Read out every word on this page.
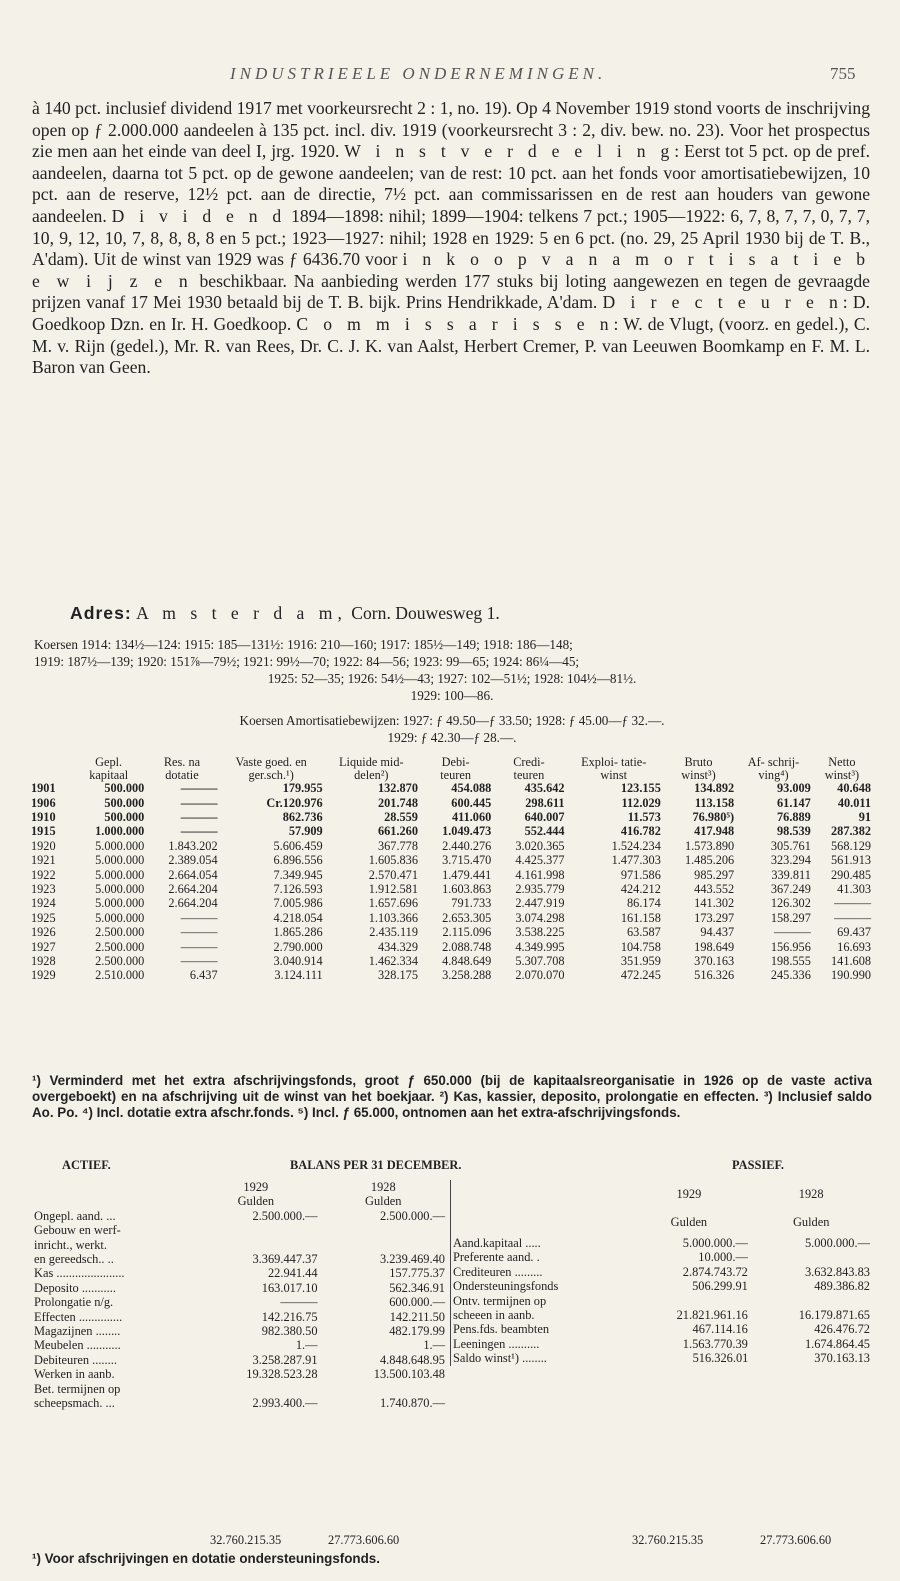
INDUSTRIEELE ONDERNEMINGEN.	755

à 140 pct. inclusief dividend 1917 met voorkeursrecht 2 : 1, no. 19). Op 4 November 1919 stond voorts de inschrijving open op ƒ 2.000.000 aandeelen à 135 pct. incl. div. 1919 (voorkeursrecht 3 : 2, div. bew. no. 23). Voor het prospectus zie men aan het einde van deel I, jrg. 1920. W i n s t v e r d e e l i n g: Eerst tot 5 pct. op de pref. aandeelen, daarna tot 5 pct. op de gewone aandeelen; van de rest: 10 pct. aan het fonds voor amortisatiebewijzen, 10 pct. aan de reserve, 12½ pct. aan de directie, 7½ pct. aan commissarissen en de rest aan houders van gewone aandeelen. D i v i d e n d 1894—1898: nihil; 1899—1904: telkens 7 pct.; 1905—1922: 6, 7, 8, 7, 7, 0, 7, 7, 10, 9, 12, 10, 7, 8, 8, 8, 8 en 5 pct.; 1923—1927: nihil; 1928 en 1929: 5 en 6 pct. (no. 29, 25 April 1930 bij de T. B., A'dam). Uit de winst van 1929 was ƒ 6436.70 voor i n k o o p v a n a m o r t i s a t i e b e w i j z e n beschikbaar. Na aanbieding werden 177 stuks bij loting aangewezen en tegen de gevraagde prijzen vanaf 17 Mei 1930 betaald bij de T. B. bijk. Prins Hendrikkade, A'dam. D i r e c t e u r e n: D. Goedkoop Dzn. en Ir. H. Goedkoop. C o m m i s s a r i s s e n: W. de Vlugt, (voorz. en gedel.), C. M. v. Rijn (gedel.), Mr. R. van Rees, Dr. C. J. K. van Aalst, Herbert Cremer, P. van Leeuwen Boomkamp en F. M. L. Baron van Geen.

Adres: A m s t e r d a m, Corn. Douwesweg 1.
Koersen 1914: 134½—124: 1915: 185—131½: 1916: 210—160; 1917: 185½—149; 1918: 186—148;
1919: 187½—139; 1920: 151⅞—79½; 1921: 99½—70; 1922: 84—56; 1923: 99—65; 1924: 86¼—45;
1925: 52—35; 1926: 54½—43; 1927: 102—51½; 1928: 104½—81½.
1929: 100—86.
Koersen Amortisatiebewijzen: 1927: ƒ 49.50—ƒ 33.50; 1928: ƒ 45.00—ƒ 32.—.
1929: ƒ 42.30—ƒ 28.—.
	Gepl.	Res. na	Vaste goed. en	Liquide mid-	Debi-	Credi-	Exploi- tatie-	Bruto	Af- schrij-	Netto
	kapitaal	dotatie	ger.sch.¹)	delen²)	teuren	teuren	winst	winst³)	ving⁴)	winst³)
1901	500.000	———	179.955	132.870	454.088	435.642	123.155	134.892	93.009	40.648
1906	500.000	———	Cr.120.976	201.748	600.445	298.611	112.029	113.158	61.147	40.011
1910	500.000	———	862.736	28.559	411.060	640.007	11.573	76.980⁵)	76.889	91
1915	1.000.000	———	57.909	661.260	1.049.473	552.444	416.782	417.948	98.539	287.382
1920	5.000.000	1.843.202	5.606.459	367.778	2.440.276	3.020.365	1.524.234	1.573.890	305.761	568.129
1921	5.000.000	2.389.054	6.896.556	1.605.836	3.715.470	4.425.377	1.477.303	1.485.206	323.294	561.913
1922	5.000.000	2.664.054	7.349.945	2.570.471	1.479.441	4.161.998	971.586	985.297	339.811	290.485
1923	5.000.000	2.664.204	7.126.593	1.912.581	1.603.863	2.935.779	424.212	443.552	367.249	41.303
1924	5.000.000	2.664.204	7.005.986	1.657.696	791.733	2.447.919	86.174	141.302	126.302	———
1925	5.000.000	———	4.218.054	1.103.366	2.653.305	3.074.298	161.158	173.297	158.297	———
1926	2.500.000	———	1.865.286	2.435.119	2.115.096	3.538.225	63.587	94.437	———	69.437
1927	2.500.000	———	2.790.000	434.329	2.088.748	4.349.995	104.758	198.649	156.956	16.693
1928	2.500.000	———	3.040.914	1.462.334	4.848.649	5.307.708	351.959	370.163	198.555	141.608
1929	2.510.000	6.437	3.124.111	328.175	3.258.288	2.070.070	472.245	516.326	245.336	190.990
¹) Verminderd met het extra afschrijvingsfonds, groot ƒ 650.000 (bij de kapitaalsreorganisatie in 1926 op de vaste activa overgeboekt) en na afschrijving uit de winst van het boekjaar. ²) Kas, kassier, deposito, prolongatie en effecten. ³) Inclusief saldo Ao. Po. ⁴) Incl. dotatie extra afschr.fonds. ⁵) Incl. ƒ 65.000, ontnomen aan het extra-afschrijvingsfonds.
ACTIEF.	BALANS PER 31 DECEMBER.	PASSIEF.
	1929	1928
	Gulden	Gulden
Ongepl. aand. ...	2.500.000.—	2.500.000.—
Gebouw en werf-		
inricht., werkt.		
en gereedsch.. ..	3.369.447.37	3.239.469.40
Kas ......................	22.941.44	157.775.37
Deposito ...........	163.017.10	562.346.91
Prolongatie n/g.	———	600.000.—
Effecten ..............	142.216.75	142.211.50
Magazijnen ........	982.380.50	482.179.99
Meubelen ...........	1.—	1.—
Debiteuren ........	3.258.287.91	4.848.648.95
Werken in aanb.	19.328.523.28	13.500.103.48
Bet. termijnen op		
scheepsmach. ...	2.993.400.—	1.740.870.—
	1929	1928
	Gulden	Gulden
Aand.kapitaal .....	5.000.000.—	5.000.000.—
Preferente aand. .	10.000.—	
Crediteuren .........	2.874.743.72	3.632.843.83
Ondersteuningsfonds	506.299.91	489.386.82
Ontv. termijnen op		
scheeen in aanb.	21.821.961.16	16.179.871.65
Pens.fds. beambten	467.114.16	426.476.72
Leeningen ..........	1.563.770.39	1.674.864.45
Saldo winst¹) ........	516.326.01	370.163.13
32.760.215.35	27.773.606.60	32.760.215.35	27.773.606.60
¹) Voor afschrijvingen en dotatie ondersteuningsfonds.
